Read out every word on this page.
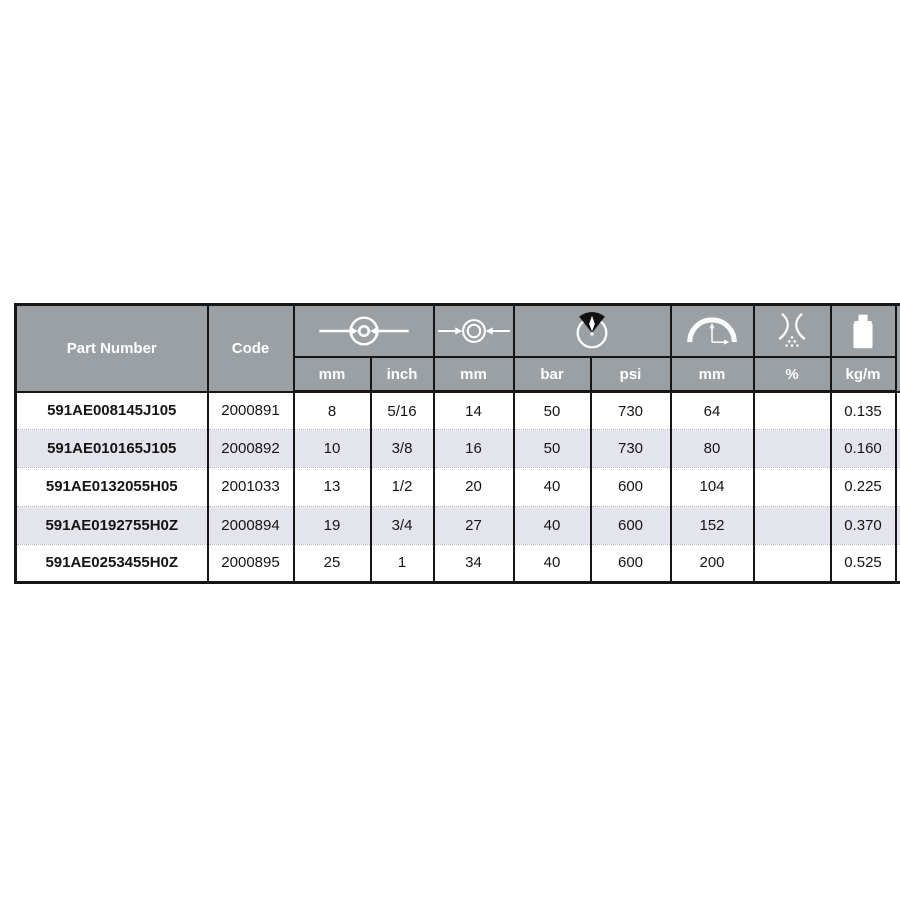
Part Number	Code	

		mm	inch	mm	bar	psi	mm	%	kg/m	
591AE008145J105	2000891	8	5/16	14	50	730	64		0.135	
591AE010165J105	2000892	10	3/8	16	50	730	80		0.160	
591AE0132055H05	2001033	13	1/2	20	40	600	104		0.225	
591AE0192755H0Z	2000894	19	3/4	27	40	600	152		0.370	
591AE0253455H0Z	2000895	25	1	34	40	600	200		0.525	
